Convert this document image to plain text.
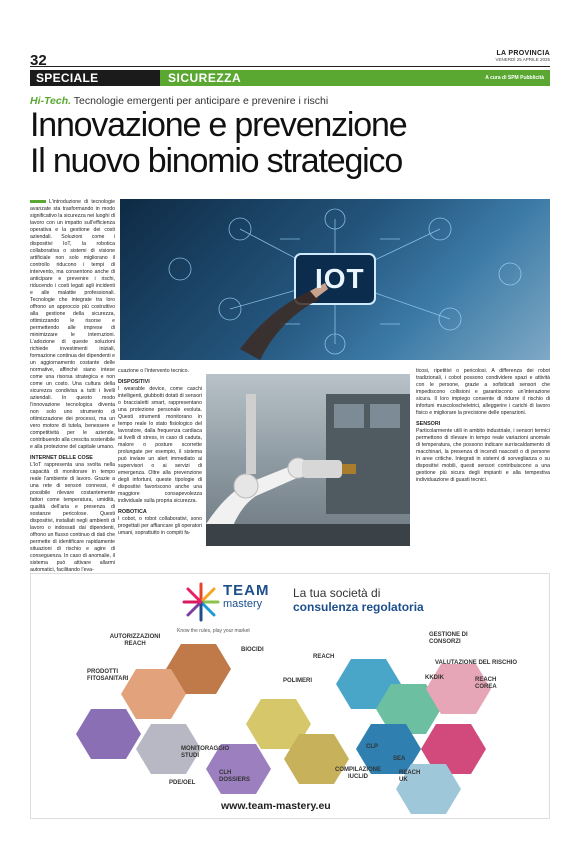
32	LA PROVINCIA
VENERDÌ 25 APRILE 2025
SPECIALE	SICUREZZA	A cura di SPM Pubblicità
Hi-Tech. Tecnologie emergenti per anticipare e prevenire i rischi
Innovazione e prevenzione
Il nuovo binomio strategico
IOT
L’introduzione di tecnologie avanzate sta trasformando in modo significativo la sicurezza nei luoghi di lavoro con un impatto sull’efficienza operativa e la gestione dei costi aziendali. Soluzioni come i dispositivi IoT, la robotica collaborativa o sistemi di visione artificiale non solo migliorano il controllo riducono i tempi di intervento, ma consentono anche di anticipare e prevenire i rischi, riducendo i costi legati agli incidenti e alle malattie professionali. Tecnologie che integrate tra loro offrono un approccio più costruttivo alla gestione della sicurezza, ottimizzando le risorse e permettendo alle imprese di minimizzare le interruzioni. L’adozione di queste soluzioni richiede investimenti iniziali, formazione continua dei dipendenti e un aggiornamento costante delle normative, affinché siano intese come una risorsa strategica e non come un costo. Una cultura della sicurezza condivisa a tutti i livelli aziendali. In questo modo l’innovazione tecnologica diventa non solo uno strumento di ottimizzazione dei processi, ma un vero motore di tutela, benessere e competitività per le aziende, contribuendo alla crescita sostenibile e alla protezione del capitale umano.
INTERNET DELLE COSE
L’IoT rappresenta una svolta nella capacità di monitorare in tempo reale l’ambiente di lavoro. Grazie a una rete di sensori connessi, è possibile rilevare costantemente fattori come temperatura, umidità, qualità dell’aria e presenza di sostanze pericolose. Questi dispositivi, installati negli ambienti di lavoro o indossati dai dipendenti, offrono un flusso continuo di dati che permette di identificare rapidamente situazioni di rischio e agire di conseguenza. In caso di anomalie, il sistema può attivare allarmi automatici, facilitando l’eva-
cuazione o l’intervento tecnico.
DISPOSITIVI
I wearable device, come caschi intelligenti, giubbotti dotati di sensori o braccialetti smart, rappresentano una protezione personale evoluta. Questi strumenti monitorano in tempo reale lo stato fisiologico del lavoratore, dalla frequenza cardiaca ai livelli di stress, in caso di caduta, malore o posture scorrette prolungate per esempio, il sistema può inviare un alert immediato ai supervisori o ai servizi di emergenza. Oltre alla prevenzione degli infortuni, queste tipologie di dispositivi favoriscono anche una maggiore consapevolezza individuale sulla propria sicurezza.
ROBOTICA
I cobot, o robot collaborativi, sono progettati per affiancare gli operatori umani, soprattutto in compiti fa-
ticosi, ripetitivi o pericolosi. A differenza dei robot tradizionali, i cobot possono condividere spazi e attività con le persone, grazie a sofisticati sensori che impediscono collisioni e garantiscono un’interazione sicura. Il loro impiego consente di ridurre il rischio di infortuni muscoloscheletrici, alleggerire i carichi di lavoro fisico e migliorare la precisione delle operazioni.
SENSORI
Particolarmente utili in ambito industriale, i sensori termici permettono di rilevare in tempo reale variazioni anomale di temperatura, che possono indicare surriscaldamento di macchinari, la presenza di incendi nascosti o di persone in aree critiche. Integrati in sistemi di sorveglianza o su dispositivi mobili, questi sensori contribuiscono a una gestione più sicura degli impianti e alla tempestiva individuazione di guasti tecnici.
TEAM
mastery
Know the rules, play your market
La tua società di
consulenza regolatoria
AUTORIZZAZIONI REACH
BIOCIDI
PRODOTTI FITOSANITARI	POLIMERI
MONITORAGGIO STUDI
CLH DOSSIERS
PDE/OEL
REACH
GESTIONE DI CONSORZI
VALUTAZIONE DEL RISCHIO
KKDIK	REACH COREA
CLP
COMPILAZIONE IUCLID
SEA
REACH UK
www.team-mastery.eu
